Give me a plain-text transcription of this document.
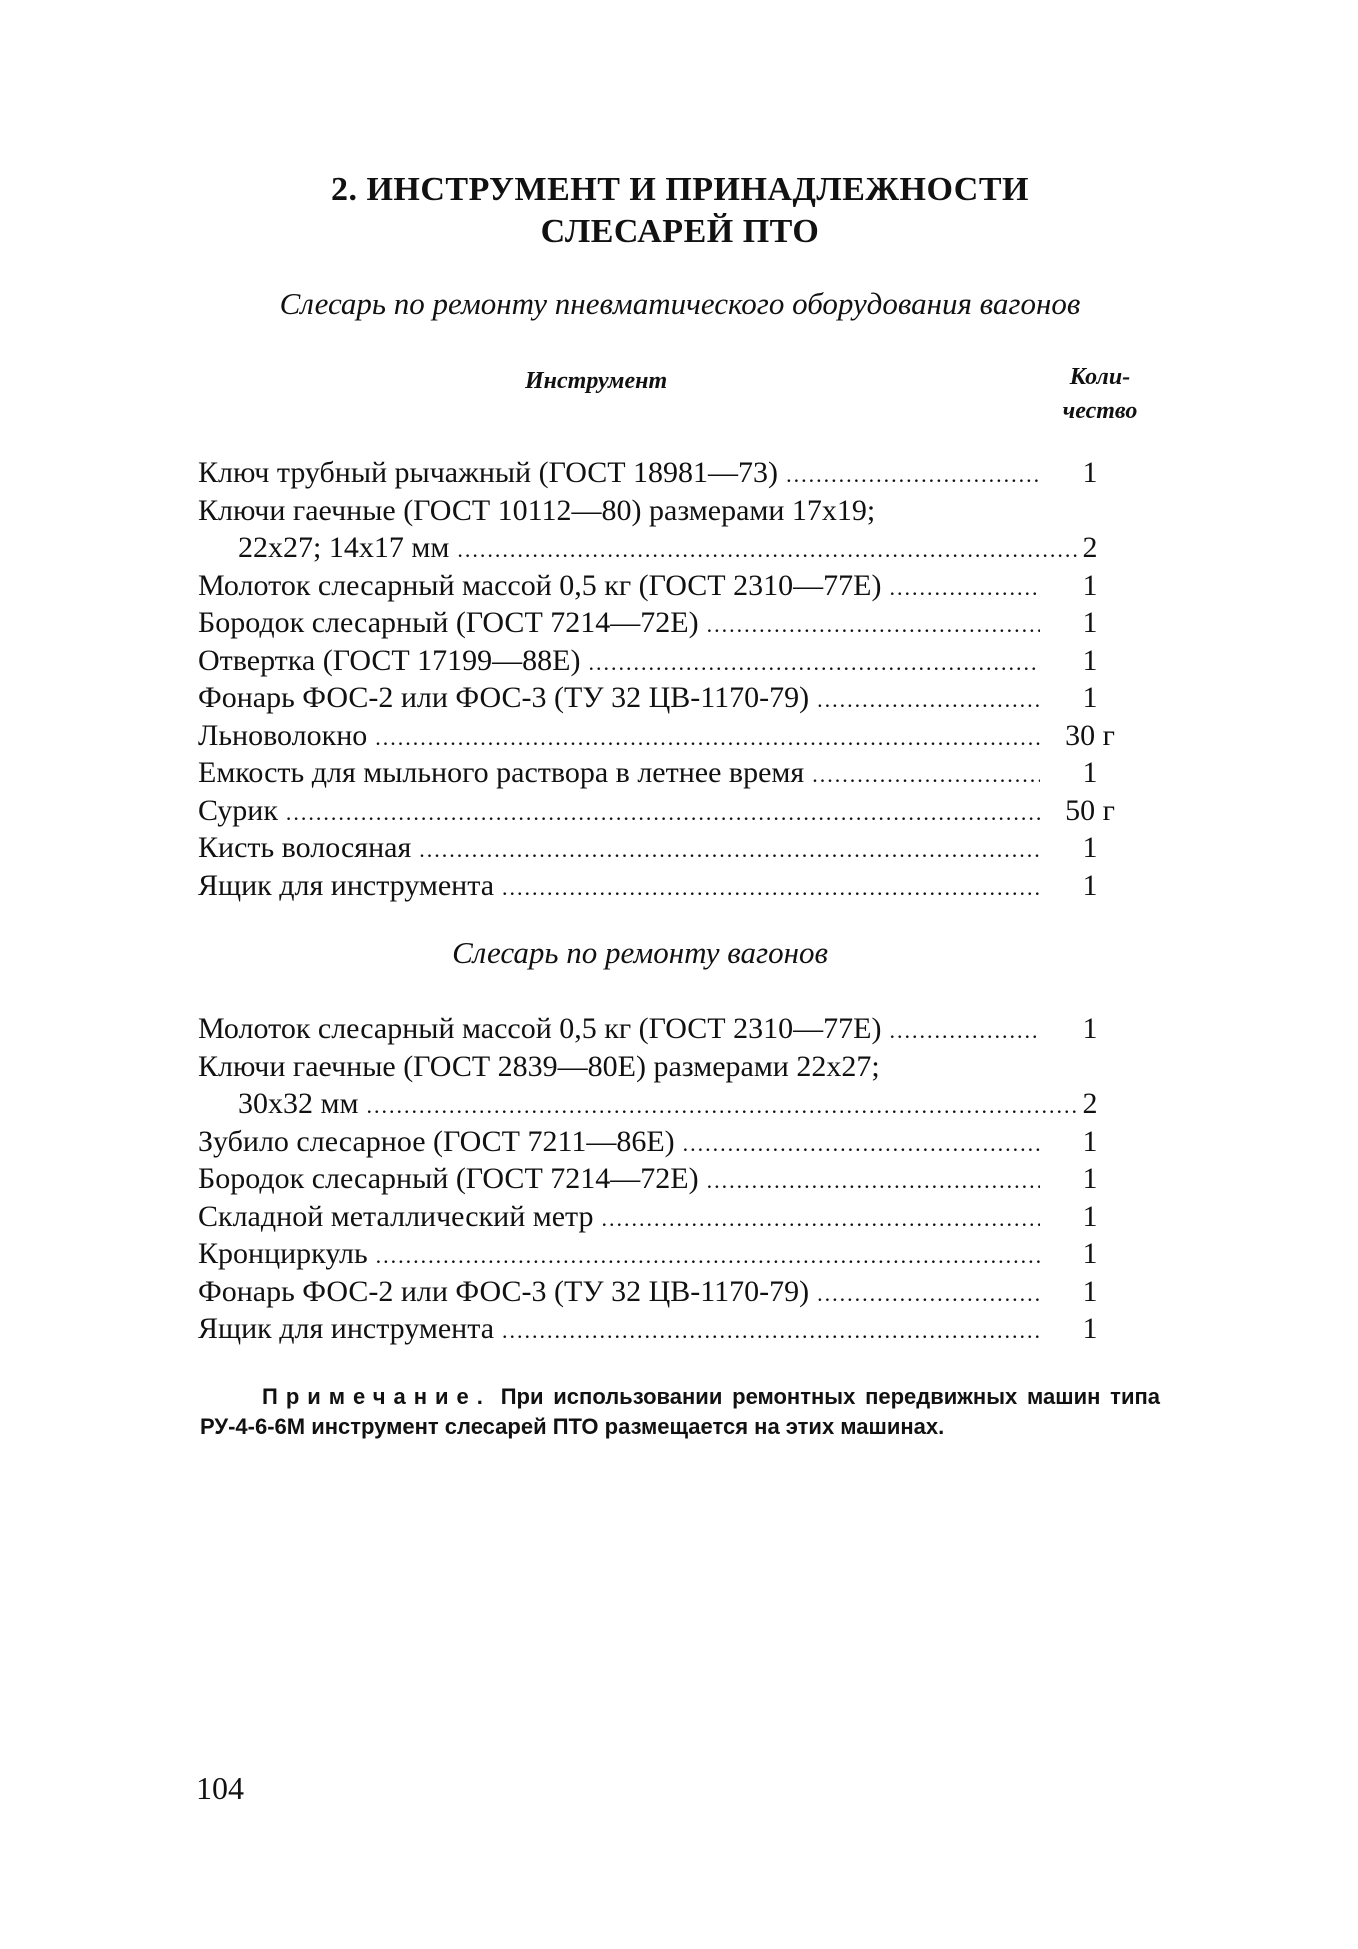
2. ИНСТРУМЕНТ И ПРИНАДЛЕЖНОСТИ
СЛЕСАРЕЙ ПТО
Слесарь по ремонту пневматического оборудования вагонов
Инструмент	Коли-
чество
Ключ трубный рычажный (ГОСТ 18981—73) .....	1
Ключи гаечные (ГОСТ 10112—80) размерами 17x19;
22x27; 14x17 мм .....	2
Молоток слесарный массой 0,5 кг (ГОСТ 2310—77Е) .....	1
Бородок слесарный (ГОСТ 7214—72Е) .....	1
Отвертка (ГОСТ 17199—88Е) .....	1
Фонарь ФОС-2 или ФОС-3 (ТУ 32 ЦВ-1170-79) .....	1
Льноволокно .....	30 г
Емкость для мыльного раствора в летнее время .....	1
Сурик .....	50 г
Кисть волосяная .....	1
Ящик для инструмента .....	1
Слесарь по ремонту вагонов
Молоток слесарный массой 0,5 кг (ГОСТ 2310—77Е) .....	1
Ключи гаечные (ГОСТ 2839—80Е) размерами 22x27;
30x32 мм .....	2
Зубило слесарное (ГОСТ 7211—86Е) .....	1
Бородок слесарный (ГОСТ 7214—72Е) .....	1
Складной металлический метр .....	1
Кронциркуль .....	1
Фонарь ФОС-2 или ФОС-3 (ТУ 32 ЦВ-1170-79) .....	1
Ящик для инструмента .....	1
Примечание. При использовании ремонтных передвижных машин типа РУ-4-6-6М инструмент слесарей ПТО размещается на этих машинах.
104
